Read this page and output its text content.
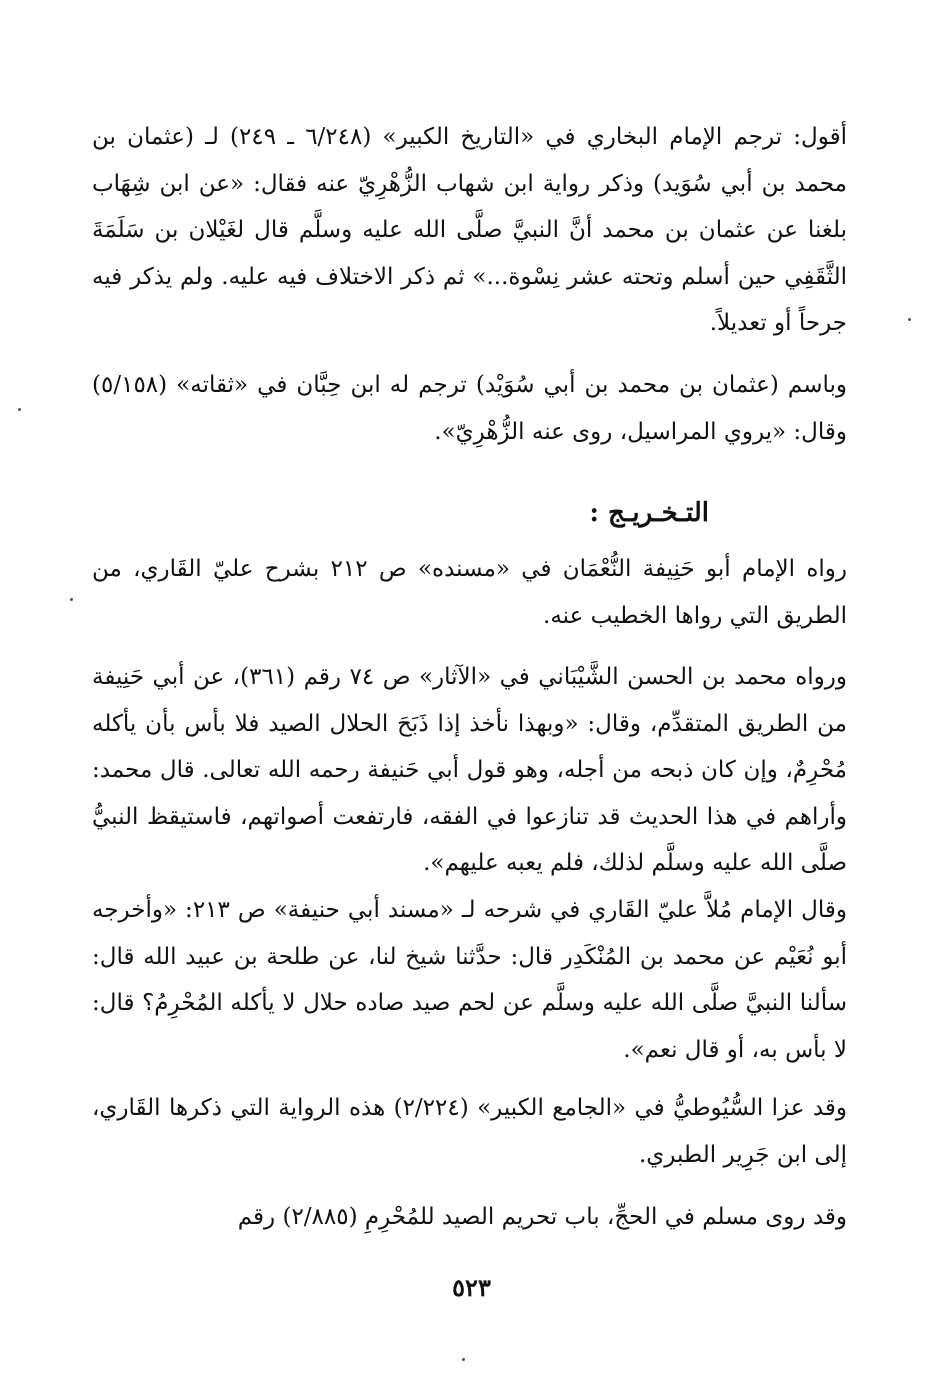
أقول: ترجم الإمام البخاري في «التاريخ الكبير» (٦/٢٤٨ ـ ٢٤٩) لـ (عثمان بن محمد بن أبي سُوَيد) وذكر رواية ابن شهاب الزُّهْرِيّ عنه فقال: «عن ابن شِهَاب بلغنا عن عثمان بن محمد أنَّ النبيَّ صلَّى الله عليه وسلَّم قال لغَيْلان بن سَلَمَةَ الثَّقَفِي حين أسلم وتحته عشر نِسْوة...» ثم ذكر الاختلاف فيه عليه. ولم يذكر فيه جرحاً أو تعديلاً.

وباسم (عثمان بن محمد بن أبي سُوَيْد) ترجم له ابن حِبَّان في «ثقاته» (٥/١٥٨) وقال: «يروي المراسيل، روى عنه الزُّهْرِيّ».

التـخـريـج :

رواه الإمام أبو حَنِيفة النُّعْمَان في «مسنده» ص ٢١٢ بشرح عليّ القَاري، من الطريق التي رواها الخطيب عنه.

ورواه محمد بن الحسن الشَّيْبَاني في «الآثار» ص ٧٤ رقم (٣٦١)، عن أبي حَنِيفة من الطريق المتقدِّم، وقال: «وبهذا نأخذ إذا ذَبَحَ الحلال الصيد فلا بأس بأن يأكله مُحْرِمٌ، وإن كان ذبحه من أجله، وهو قول أبي حَنيفة رحمه الله تعالى. قال محمد: وأراهم في هذا الحديث قد تنازعوا في الفقه، فارتفعت أصواتهم، فاستيقظ النبيُّ صلَّى الله عليه وسلَّم لذلك، فلم يعبه عليهم».

وقال الإمام مُلاَّ عليّ القَاري في شرحه لـ «مسند أبي حنيفة» ص ٢١٣: «وأخرجه أبو نُعَيْم عن محمد بن المُنْكَدِر قال: حدَّثنا شيخ لنا، عن طلحة بن عبيد الله قال: سألنا النبيَّ صلَّى الله عليه وسلَّم عن لحم صيد صاده حلال لا يأكله المُحْرِمُ؟ قال: لا بأس به، أو قال نعم».

وقد عزا السُّيُوطيُّ في «الجامع الكبير» (٢/٢٢٤) هذه الرواية التي ذكرها القَاري، إلى ابن جَرِير الطبري.

وقد روى مسلم في الحجِّ، باب تحريم الصيد للمُحْرِمِ (٢/٨٨٥) رقم

٥٢٣
